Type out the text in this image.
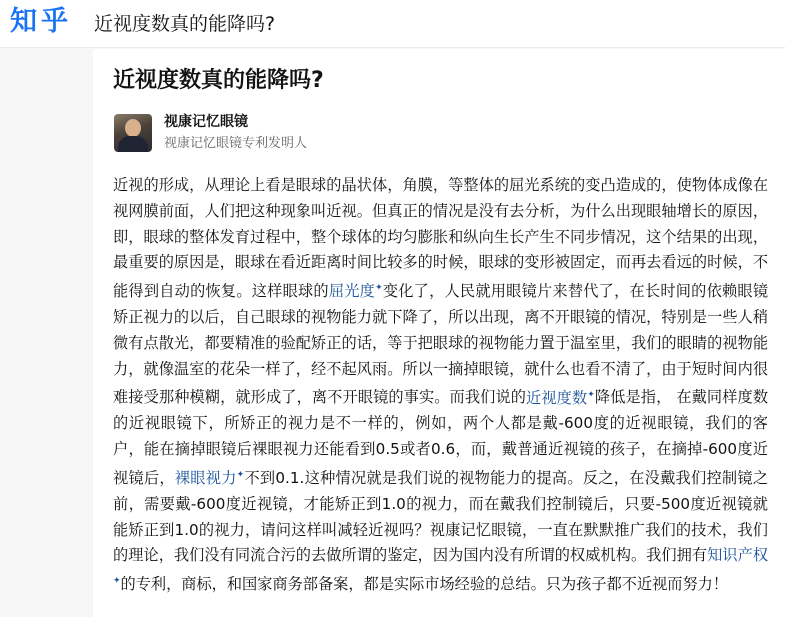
知乎 近视度数真的能降吗?
近视度数真的能降吗?
视康记忆眼镜
视康记忆眼镜专利发明人
近视的形成，从理论上看是眼球的晶状体，角膜，等整体的屈光系统的变凸造成的，使物体成像在视网膜前面，人们把这种现象叫近视。但真正的情况是没有去分析，为什么出现眼轴增长的原因，即，眼球的整体发育过程中，整个球体的均匀膨胀和纵向生长产生不同步情况，这个结果的出现，最重要的原因是，眼球在看近距离时间比较多的时候，眼球的变形被固定，而再去看远的时候，不能得到自动的恢复。这样眼球的屈光度✦变化了，人民就用眼镜片来替代了，在长时间的依赖眼镜矫正视力的以后，自己眼球的视物能力就下降了，所以出现，离不开眼镜的情况，特别是一些人稍微有点散光，都要精准的验配矫正的话，等于把眼球的视物能力置于温室里，我们的眼睛的视物能力，就像温室的花朵一样了，经不起风雨。所以一摘掉眼镜，就什么也看不清了，由于短时间内很难接受那种模糊，就形成了，离不开眼镜的事实。而我们说的近视度数✦降低是指， 在戴同样度数的近视眼镜下，所矫正的视力是不一样的，例如，两个人都是戴-600度的近视眼镜，我们的客户，能在摘掉眼镜后裸眼视力还能看到0.5或者0.6，而，戴普通近视镜的孩子，在摘掉-600度近视镜后，裸眼视力✦不到0.1.这种情况就是我们说的视物能力的提高。反之，在没戴我们控制镜之前，需要戴-600度近视镜，才能矫正到1.0的视力，而在戴我们控制镜后，只要-500度近视镜就能矫正到1.0的视力，请问这样叫减轻近视吗？视康记忆眼镜，一直在默默推广我们的技术，我们的理论，我们没有同流合污的去做所谓的鉴定，因为国内没有所谓的权威机构。我们拥有知识产权✦的专利，商标，和国家商务部备案，都是实际市场经验的总结。只为孩子都不近视而努力！
